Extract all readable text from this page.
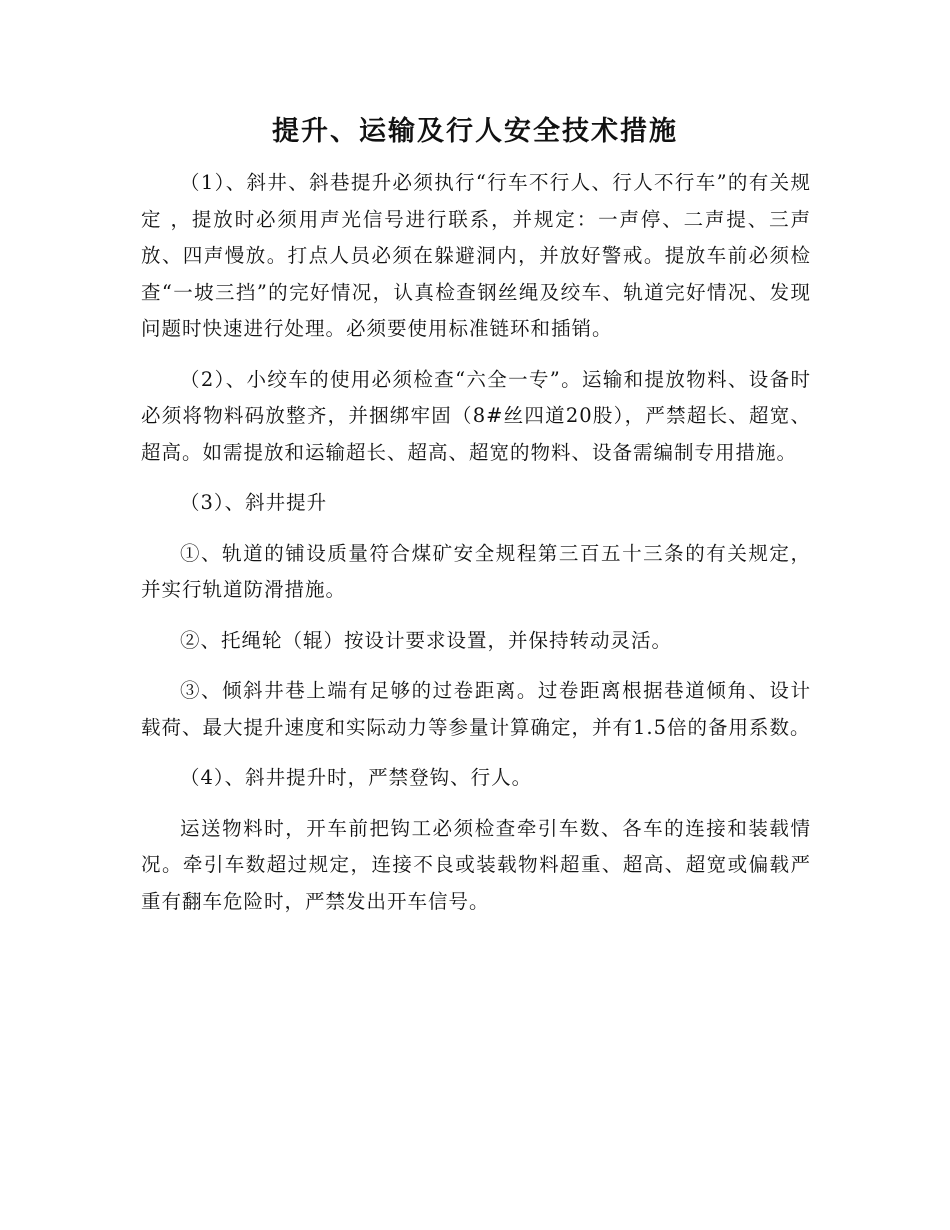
提升、运输及行人安全技术措施

（1）、斜井、斜巷提升必须执行“行车不行人、行人不行车”的有关规定 ，提放时必须用声光信号进行联系，并规定：一声停、二声提、三声放、四声慢放。打点人员必须在躲避洞内，并放好警戒。提放车前必须检查“一坡三挡”的完好情况，认真检查钢丝绳及绞车、轨道完好情况、发现问题时快速进行处理。必须要使用标准链环和插销。

（2）、小绞车的使用必须检查“六全一专”。运输和提放物料、设备时必须将物料码放整齐，并捆绑牢固（8#丝四道20股），严禁超长、超宽、超高。如需提放和运输超长、超高、超宽的物料、设备需编制专用措施。

（3）、斜井提升

①、轨道的铺设质量符合煤矿安全规程第三百五十三条的有关规定，并实行轨道防滑措施。

②、托绳轮（辊）按设计要求设置，并保持转动灵活。

③、倾斜井巷上端有足够的过卷距离。过卷距离根据巷道倾角、设计载荷、最大提升速度和实际动力等参量计算确定，并有1.5倍的备用系数。

（4）、斜井提升时，严禁登钩、行人。

运送物料时，开车前把钩工必须检查牵引车数、各车的连接和装载情况。牵引车数超过规定，连接不良或装载物料超重、超高、超宽或偏载严重有翻车危险时，严禁发出开车信号。
